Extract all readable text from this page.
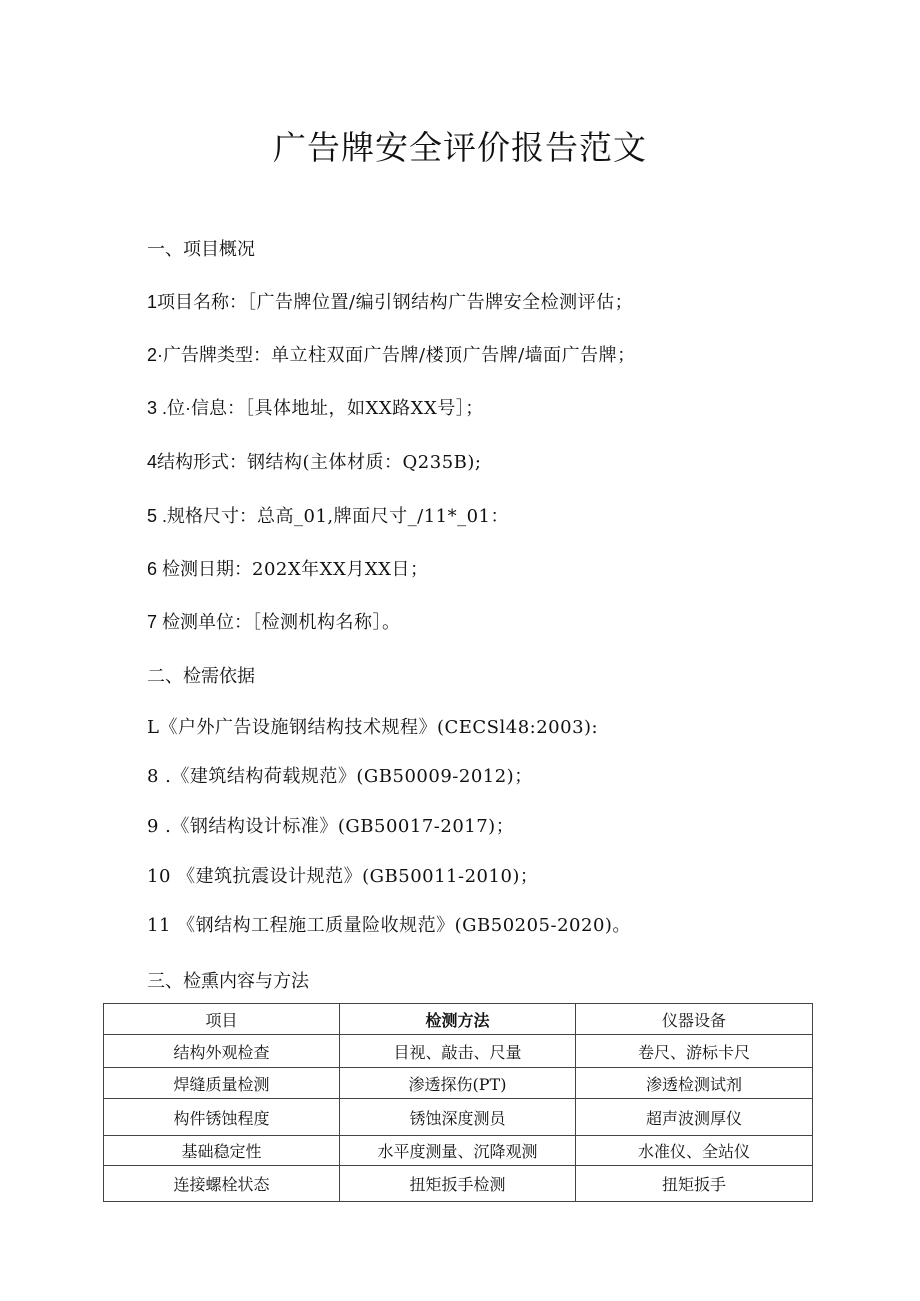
广告牌安全评价报告范文
一、项目概况
1项目名称：［广告牌位置/编引钢结构广告牌安全检测评估；
2·广告牌类型：单立柱双面广告牌/楼顶广告牌/墙面广告牌；
3 .位·信息：［具体地址，如XX路XX号］；
4结构形式：钢结构(主体材质：Q235B);
5 .规格尺寸：总高_01,牌面尺寸_/11*_01：
6 检测日期：202X年XX月XX日；
7 检测单位：［检测机构名称］。
二、检需依据
L《户外广告设施钢结构技术规程》(CECSl48:2003):
8 .《建筑结构荷载规范》(GB50009-2012)；
9 .《钢结构设计标准》(GB50017-2017)；
10 《建筑抗震设计规范》(GB50011-2010)；
11 《钢结构工程施工质量险收规范》(GB50205-2020)。
三、检熏内容与方法
项目	检测方法	仪器设备
结构外观检查	目视、敲击、尺量	卷尺、游标卡尺
焊缝质量检测	渗透探伤(PT)	渗透检测试剂
构件锈蚀程度	锈蚀深度测员	超声波测厚仪
基础稳定性	水平度测量、沉降观测	水准仪、全站仪
连接螺栓状态	扭矩扳手检测	扭矩扳手
